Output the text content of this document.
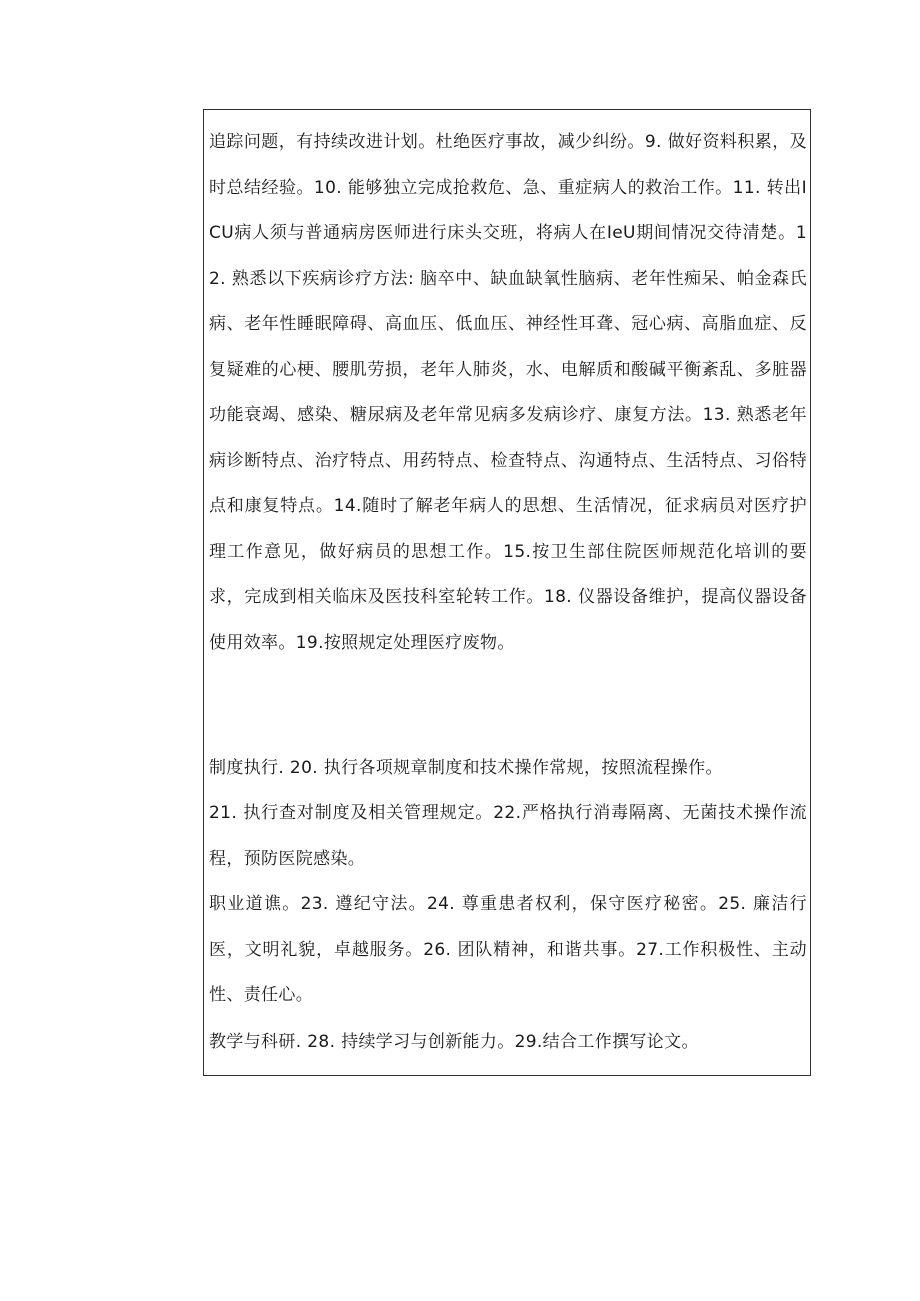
追踪问题，有持续改进计划。杜绝医疗事故，减少纠纷。9. 做好资料积累，及时总结经验。10. 能够独立完成抢救危、急、重症病人的救治工作。11. 转出ICU病人须与普通病房医师进行床头交班，将病人在IeU期间情况交待清楚。12. 熟悉以下疾病诊疗方法: 脑卒中、缺血缺氧性脑病、老年性痴呆、帕金森氏病、老年性睡眠障碍、高血压、低血压、神经性耳聋、冠心病、高脂血症、反复疑难的心梗、腰肌劳损，老年人肺炎，水、电解质和酸碱平衡紊乱、多脏器功能衰竭、感染、糖尿病及老年常见病多发病诊疗、康复方法。13. 熟悉老年病诊断特点、治疗特点、用药特点、检查特点、沟通特点、生活特点、习俗特点和康复特点。14.随时了解老年病人的思想、生活情况，征求病员对医疗护理工作意见，做好病员的思想工作。15.按卫生部住院医师规范化培训的要求，完成到相关临床及医技科室轮转工作。18. 仪器设备维护，提高仪器设备使用效率。19.按照规定处理医疗废物。

制度执行. 20. 执行各项规章制度和技术操作常规，按照流程操作。

21. 执行查对制度及相关管理规定。22.严格执行消毒隔离、无菌技术操作流程，预防医院感染。

职业道谯。23. 遵纪守法。24. 尊重患者权利，保守医疗秘密。25. 廉洁行医，文明礼貌，卓越服务。26. 团队精神，和谐共事。27.工作积极性、主动性、责任心。

教学与科研. 28. 持续学习与创新能力。29.结合工作撰写论文。
